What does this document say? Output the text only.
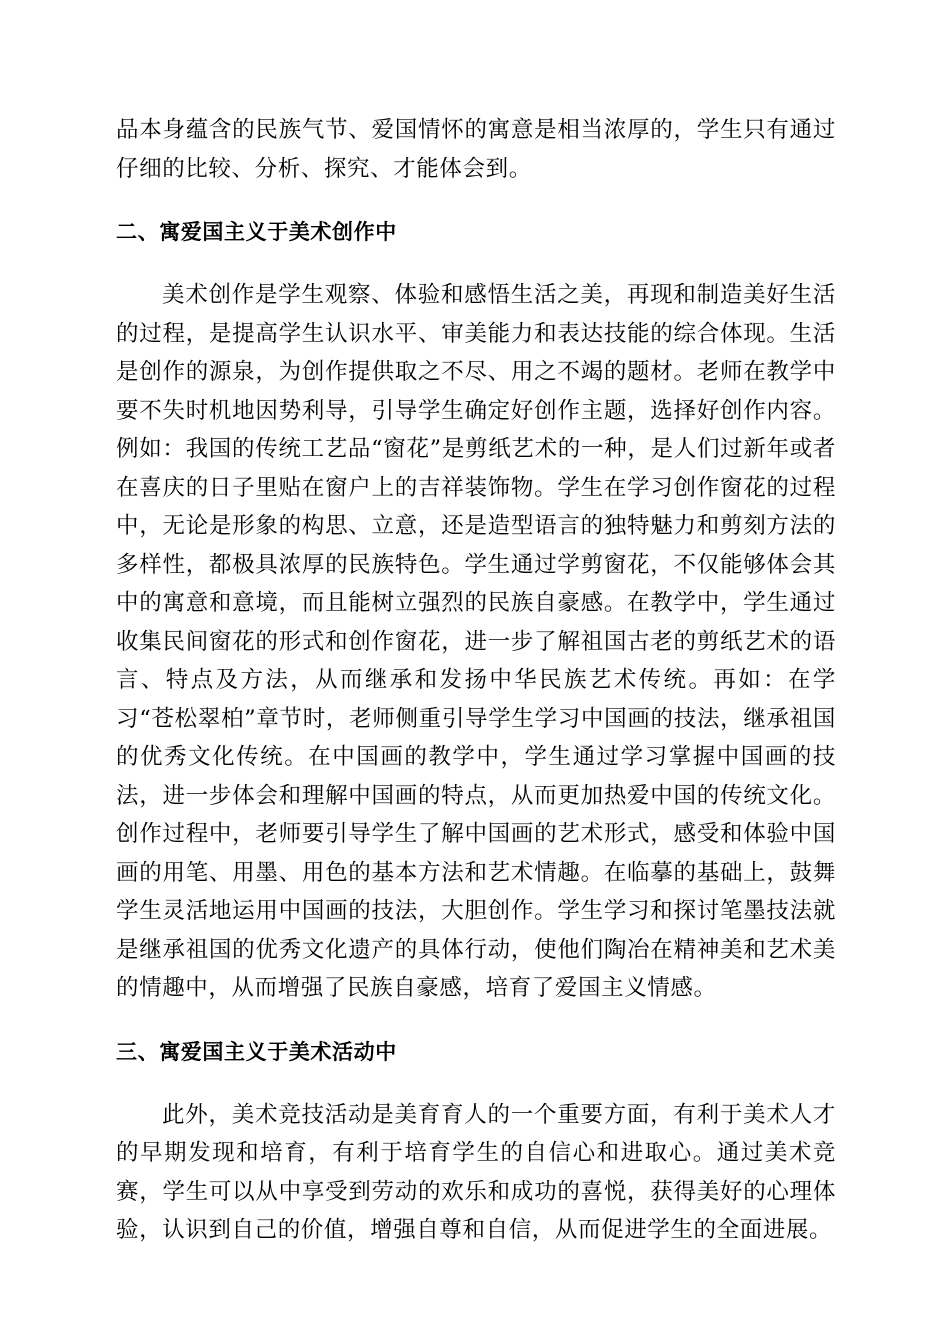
品本身蕴含的民族气节、爱国情怀的寓意是相当浓厚的，学生只有通过仔细的比较、分析、探究、才能体会到。

二、寓爱国主义于美术创作中

美术创作是学生观察、体验和感悟生活之美，再现和制造美好生活的过程，是提高学生认识水平、审美能力和表达技能的综合体现。生活是创作的源泉，为创作提供取之不尽、用之不竭的题材。老师在教学中要不失时机地因势利导，引导学生确定好创作主题，选择好创作内容。例如：我国的传统工艺品“窗花”是剪纸艺术的一种，是人们过新年或者在喜庆的日子里贴在窗户上的吉祥装饰物。学生在学习创作窗花的过程中，无论是形象的构思、立意，还是造型语言的独特魅力和剪刻方法的多样性，都极具浓厚的民族特色。学生通过学剪窗花，不仅能够体会其中的寓意和意境，而且能树立强烈的民族自豪感。在教学中，学生通过收集民间窗花的形式和创作窗花，进一步了解祖国古老的剪纸艺术的语言、特点及方法，从而继承和发扬中华民族艺术传统。再如：在学习“苍松翠柏”章节时，老师侧重引导学生学习中国画的技法，继承祖国的优秀文化传统。在中国画的教学中，学生通过学习掌握中国画的技法，进一步体会和理解中国画的特点，从而更加热爱中国的传统文化。创作过程中，老师要引导学生了解中国画的艺术形式，感受和体验中国画的用笔、用墨、用色的基本方法和艺术情趣。在临摹的基础上，鼓舞学生灵活地运用中国画的技法，大胆创作。学生学习和探讨笔墨技法就是继承祖国的优秀文化遗产的具体行动，使他们陶冶在精神美和艺术美的情趣中，从而增强了民族自豪感，培育了爱国主义情感。

三、寓爱国主义于美术活动中

此外，美术竞技活动是美育育人的一个重要方面，有利于美术人才的早期发现和培育，有利于培育学生的自信心和进取心。通过美术竞赛，学生可以从中享受到劳动的欢乐和成功的喜悦，获得美好的心理体验，认识到自己的价值，增强自尊和自信，从而促进学生的全面进展。
